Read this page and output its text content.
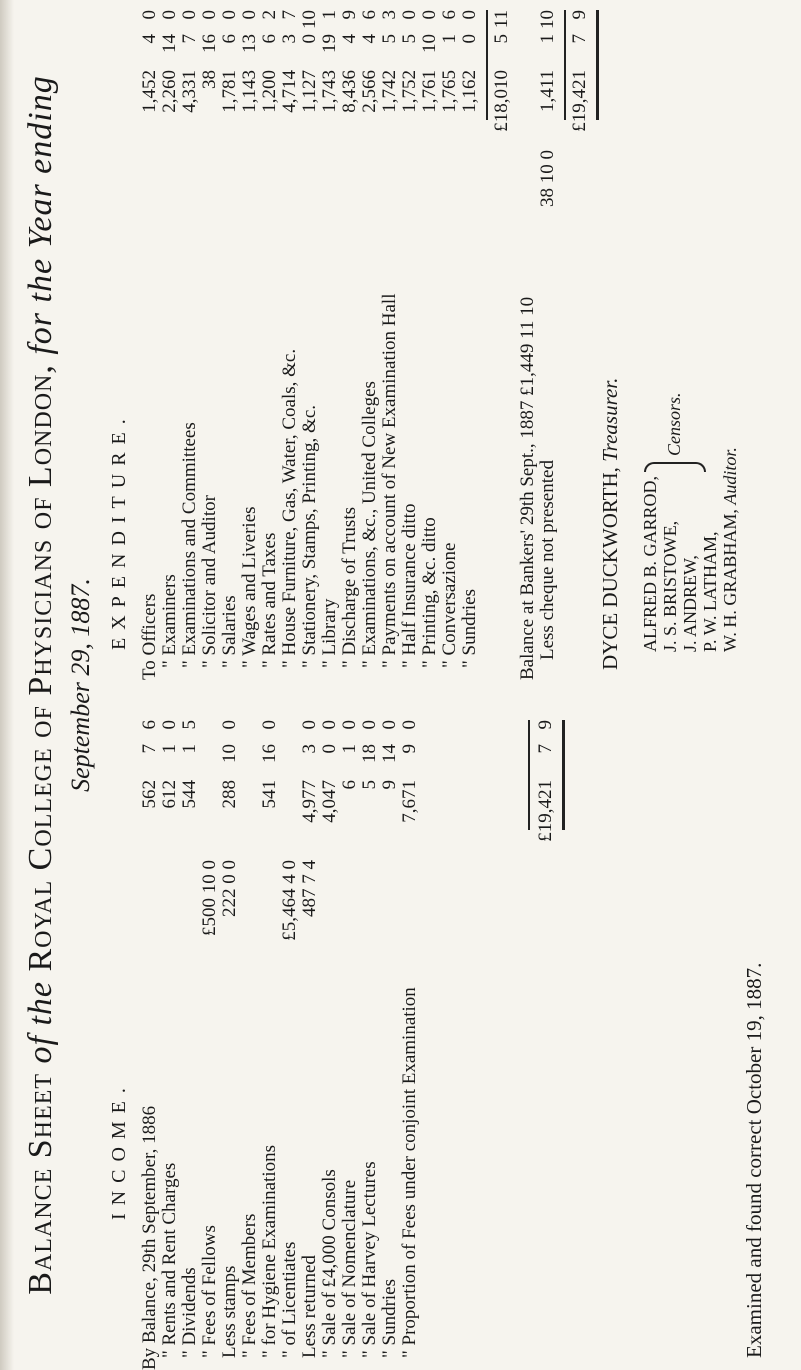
Balance Sheet of the Royal College of Physicians of London, for the Year ending
September 29, 1887.
INCOME.
EXPENDITURE.
By Balance, 29th September, 1886
562
7
6
" Rents and Rent Charges
612
1
0
" Dividends
544
1
5
" Fees of Fellows
£500 10 0
Less stamps
222 0 0
288
10
0
" Fees of Members " for Hygiene Examinations
541
16
0
" of Licentiates
£5,464 4 0
Less returned
487 7 4
4,977
3
0
" Sale of £4,000 Consols
4,047
0
0
" Sale of Nomenclature
6
1
0
" Sale of Harvey Lectures
5
18
0
" Sundries
9
14
0
" Proportion of Fees under conjoint Examination
7,671
9
0
£19,421
7
9
To Officers
1,452
4
0
" Examiners
2,260
14
0
" Examinations and Committees
4,331
7
0
" Solicitor and Auditor
38
16
0
" Salaries
1,781
6
0
" Wages and Liveries
1,143
13
0
" Rates and Taxes
1,200
6
2
" House Furniture, Gas, Water, Coals, &c.
4,714
3
7
" Stationery, Stamps, Printing, &c.
1,127
0
10
" Library
1,743
19
1
" Discharge of Trusts
8,436
4
9
" Examinations, &c., United Colleges
2,566
4
6
" Payments on account of New Examination Hall
1,742
5
3
" Half Insurance ditto
1,752
5
0
" Printing, &c. ditto
1,761
10
0
" Conversazione
1,765
1
6
" Sundries
1,162
0
0
£18,010
5
11
Balance at Bankers' 29th Sept., 1887 £1,449 11 10 Less cheque not presented
38 10 0
1,411
1
10
£19,421
7
9
DYCE DUCKWORTH, Treasurer.
Examined and found correct October 19, 1887.
ALFRED B. GARROD, J. S. BRISTOWE, J. ANDREW, P. W. LATHAM, W. H. GRABHAM, Auditor.
Censors.
